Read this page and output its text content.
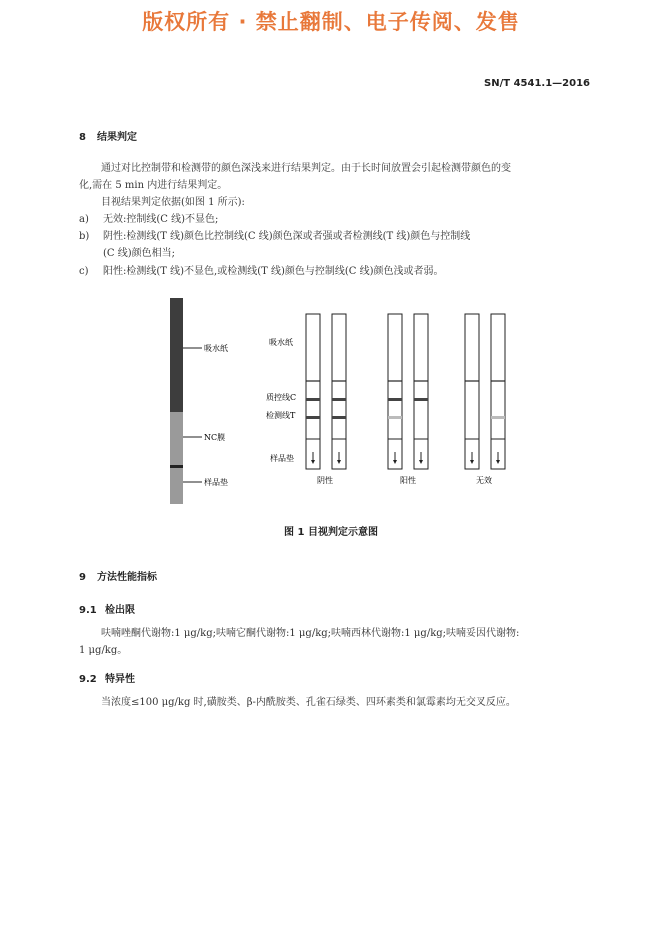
版权所有 · 禁止翻制、电子传阅、发售
SN/T 4541.1—2016
8 结果判定
通过对比控制带和检测带的颜色深浅来进行结果判定。由于长时间放置会引起检测带颜色的变
化,需在 5 min 内进行结果判定。
目视结果判定依据(如图 1 所示):
a) 无效:控制线(C 线)不显色;
b) 阴性:检测线(T 线)颜色比控制线(C 线)颜色深或者强或者检测线(T 线)颜色与控制线
(C 线)颜色相当;
c) 阳性:检测线(T 线)不显色,或检测线(T 线)颜色与控制线(C 线)颜色浅或者弱。
吸水纸
NC膜
样品垫
吸水纸
质控线C
检测线T
样品垫
阴性	阳性	无效
图 1 目视判定示意图
9 方法性能指标
9.1 检出限
呋喃唑酮代谢物:1 μg/kg;呋喃它酮代谢物:1 μg/kg;呋喃西林代谢物:1 μg/kg;呋喃妥因代谢物:
1 μg/kg。
9.2 特异性
当浓度≤100 μg/kg 时,磺胺类、β-内酰胺类、孔雀石绿类、四环素类和氯霉素均无交叉反应。
